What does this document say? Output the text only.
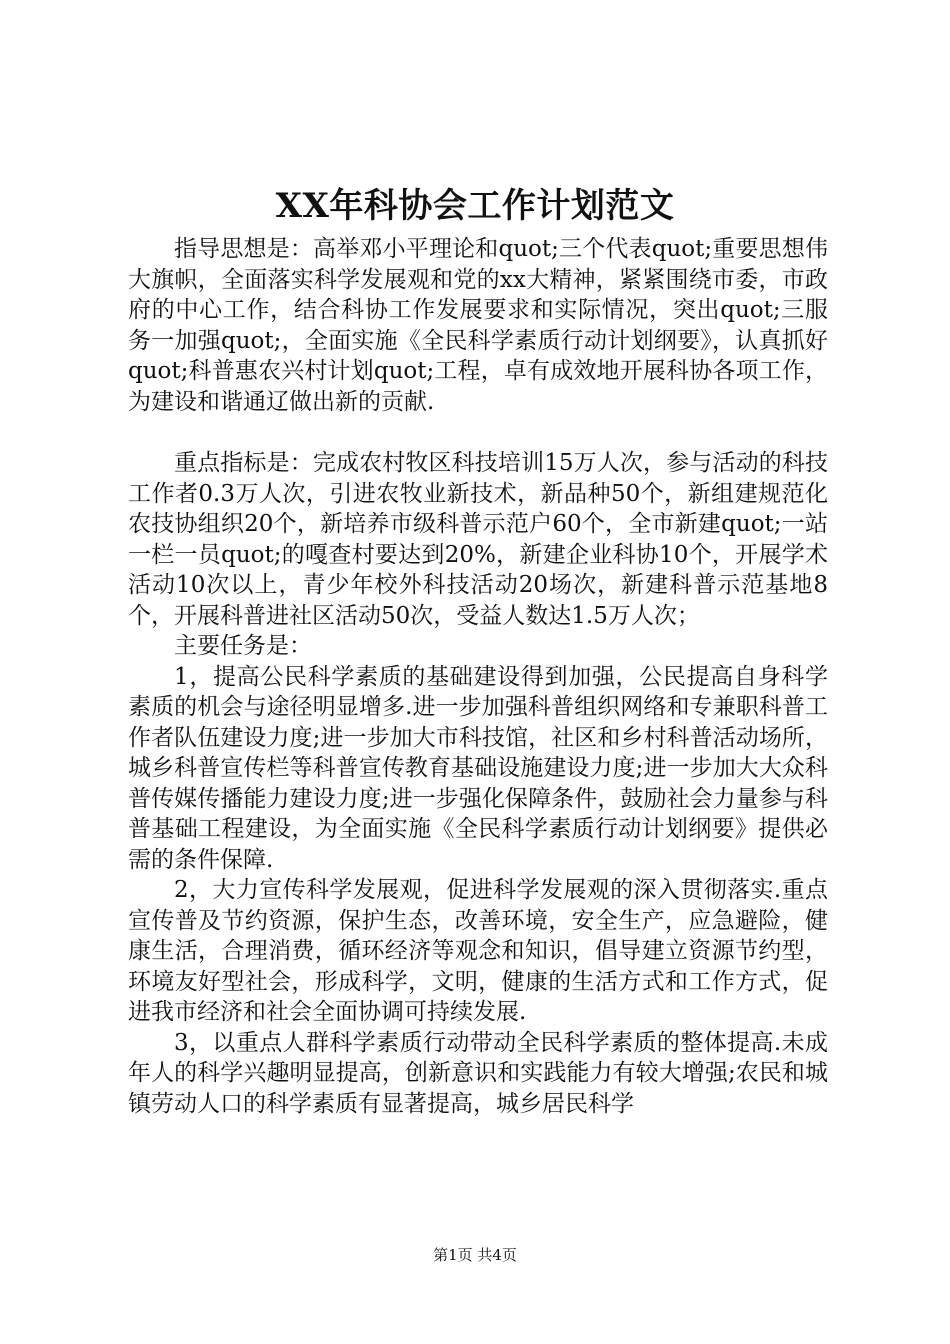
XX年科协会工作计划范文

指导思想是：高举邓小平理论和quot;三个代表quot;重要思想伟大旗帜，全面落实科学发展观和党的xx大精神，紧紧围绕市委，市政府的中心工作，结合科协工作发展要求和实际情况，突出quot;三服务一加强quot;，全面实施《全民科学素质行动计划纲要》，认真抓好quot;科普惠农兴村计划quot;工程，卓有成效地开展科协各项工作，为建设和谐通辽做出新的贡献.

重点指标是：完成农村牧区科技培训15万人次，参与活动的科技工作者0.3万人次，引进农牧业新技术，新品种50个，新组建规范化农技协组织20个，新培养市级科普示范户60个，全市新建quot;一站一栏一员quot;的嘎查村要达到20%，新建企业科协10个，开展学术活动10次以上，青少年校外科技活动20场次，新建科普示范基地8个，开展科普进社区活动50次，受益人数达1.5万人次；

主要任务是：

1，提高公民科学素质的基础建设得到加强，公民提高自身科学素质的机会与途径明显增多.进一步加强科普组织网络和专兼职科普工作者队伍建设力度;进一步加大市科技馆，社区和乡村科普活动场所，城乡科普宣传栏等科普宣传教育基础设施建设力度;进一步加大大众科普传媒传播能力建设力度;进一步强化保障条件，鼓励社会力量参与科普基础工程建设，为全面实施《全民科学素质行动计划纲要》提供必需的条件保障.

2，大力宣传科学发展观，促进科学发展观的深入贯彻落实.重点宣传普及节约资源，保护生态，改善环境，安全生产，应急避险，健康生活，合理消费，循环经济等观念和知识，倡导建立资源节约型，环境友好型社会，形成科学，文明，健康的生活方式和工作方式，促进我市经济和社会全面协调可持续发展.

3，以重点人群科学素质行动带动全民科学素质的整体提高.未成年人的科学兴趣明显提高，创新意识和实践能力有较大增强;农民和城镇劳动人口的科学素质有显著提高，城乡居民科学

第1页 共4页
